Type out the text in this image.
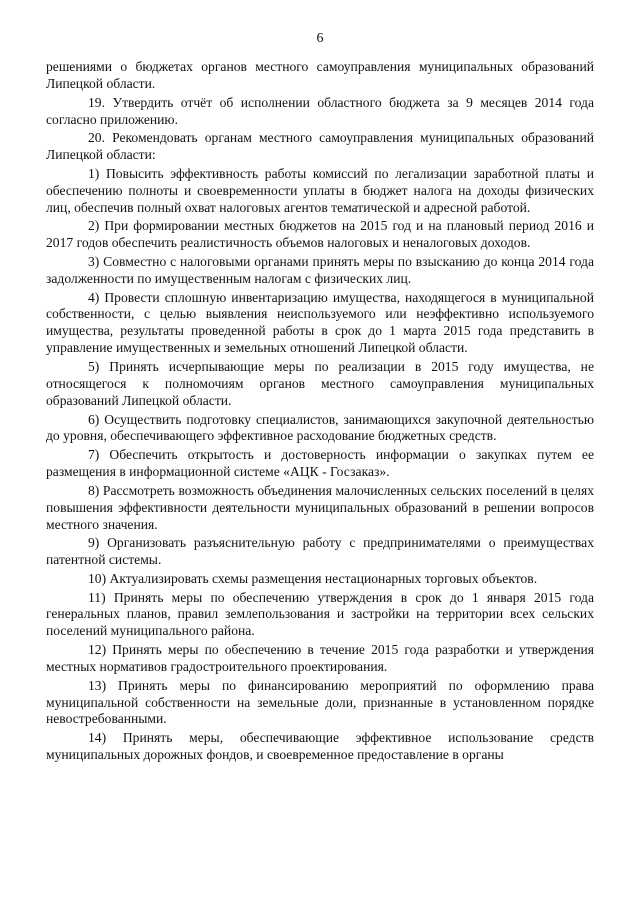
6

решениями о бюджетах органов местного самоуправления муниципальных образований Липецкой области.

19. Утвердить отчёт об исполнении областного бюджета за 9 месяцев 2014 года согласно приложению.

20. Рекомендовать органам местного самоуправления муниципальных образований Липецкой области:

1) Повысить эффективность работы комиссий по легализации заработной платы и обеспечению полноты и своевременности уплаты в бюджет налога на доходы физических лиц, обеспечив полный охват налоговых агентов тематической и адресной работой.

2) При формировании местных бюджетов на 2015 год и на плановый период 2016 и 2017 годов обеспечить реалистичность объемов налоговых и неналоговых доходов.

3) Совместно с налоговыми органами принять меры по взысканию до конца 2014 года задолженности по имущественным налогам с физических лиц.

4) Провести сплошную инвентаризацию имущества, находящегося в муниципальной собственности, с целью выявления неиспользуемого или неэффективно используемого имущества, результаты проведенной работы в срок до 1 марта 2015 года представить в управление имущественных и земельных отношений Липецкой области.

5) Принять исчерпывающие меры по реализации в 2015 году имущества, не относящегося к полномочиям органов местного самоуправления муниципальных образований Липецкой области.

6) Осуществить подготовку специалистов, занимающихся закупочной деятельностью до уровня, обеспечивающего эффективное расходование бюджетных средств.

7) Обеспечить открытость и достоверность информации о закупках путем ее размещения в информационной системе «АЦК - Госзаказ».

8) Рассмотреть возможность объединения малочисленных сельских поселений в целях повышения эффективности деятельности муниципальных образований в решении вопросов местного значения.

9) Организовать разъяснительную работу с предпринимателями о преимуществах патентной системы.

10) Актуализировать схемы размещения нестационарных торговых объектов.

11) Принять меры по обеспечению утверждения в срок до 1 января 2015 года генеральных планов, правил землепользования и застройки на территории всех сельских поселений муниципального района.

12) Принять меры по обеспечению в течение 2015 года разработки и утверждения местных нормативов градостроительного проектирования.

13) Принять меры по финансированию мероприятий по оформлению права муниципальной собственности на земельные доли, признанные в установленном порядке невостребованными.

14) Принять меры, обеспечивающие эффективное использование средств муниципальных дорожных фондов, и своевременное предоставление в органы
